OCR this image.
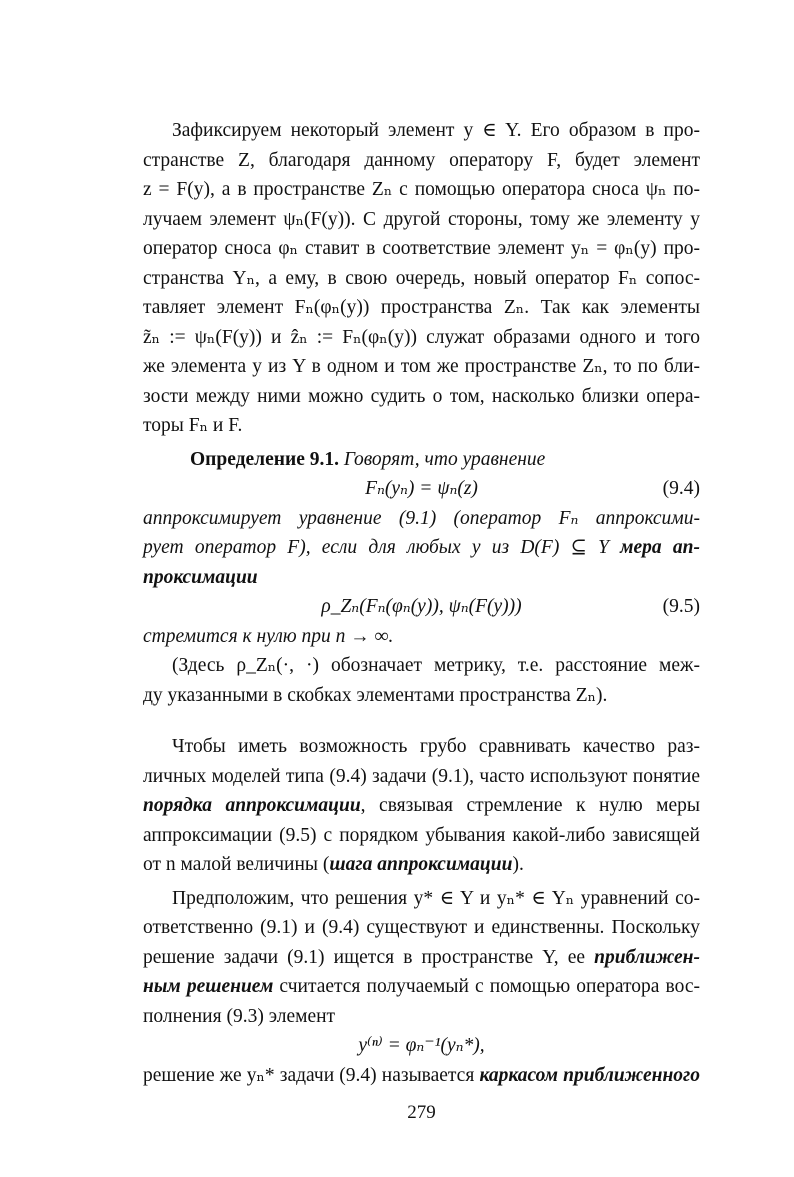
Зафиксируем некоторый элемент y ∈ Y. Его образом в про-
странстве Z, благодаря данному оператору F, будет элемент
z = F(y), а в пространстве Zₙ с помощью оператора сноса ψₙ по-
лучаем элемент ψₙ(F(y)). С другой стороны, тому же элементу y
оператор сноса φₙ ставит в соответствие элемент yₙ = φₙ(y) про-
странства Yₙ, а ему, в свою очередь, новый оператор Fₙ сопос-
тавляет элемент Fₙ(φₙ(y)) пространства Zₙ. Так как элементы
z̃ₙ := ψₙ(F(y)) и ẑₙ := Fₙ(φₙ(y)) служат образами одного и того
же элемента y из Y в одном и том же пространстве Zₙ, то по бли-
зости между ними можно судить о том, насколько близки опера-
торы Fₙ и F.
Определение 9.1. Говорят, что уравнение
Fₙ(yₙ) = ψₙ(z)	(9.4)
аппроксимирует уравнение (9.1) (оператор Fₙ аппроксими-
рует оператор F), если для любых y из D(F) ⊆ Y мера ап-
проксимации
ρ_Zₙ(Fₙ(φₙ(y)), ψₙ(F(y)))	(9.5)
стремится к нулю при n → ∞.
(Здесь ρ_Zₙ(·, ·) обозначает метрику, т.е. расстояние меж-
ду указанными в скобках элементами пространства Zₙ).
Чтобы иметь возможность грубо сравнивать качество раз-
личных моделей типа (9.4) задачи (9.1), часто используют понятие
порядка аппроксимации, связывая стремление к нулю меры
аппроксимации (9.5) с порядком убывания какой-либо зависящей
от n малой величины (шага аппроксимации).
Предположим, что решения y* ∈ Y и yₙ* ∈ Yₙ уравнений со-
ответственно (9.1) и (9.4) существуют и единственны. Поскольку
решение задачи (9.1) ищется в пространстве Y, ее приближен-
ным решением считается получаемый с помощью оператора вос-
полнения (9.3) элемент
y⁽ⁿ⁾ = φₙ⁻¹(yₙ*),
решение же yₙ* задачи (9.4) называется каркасом приближенного
279
